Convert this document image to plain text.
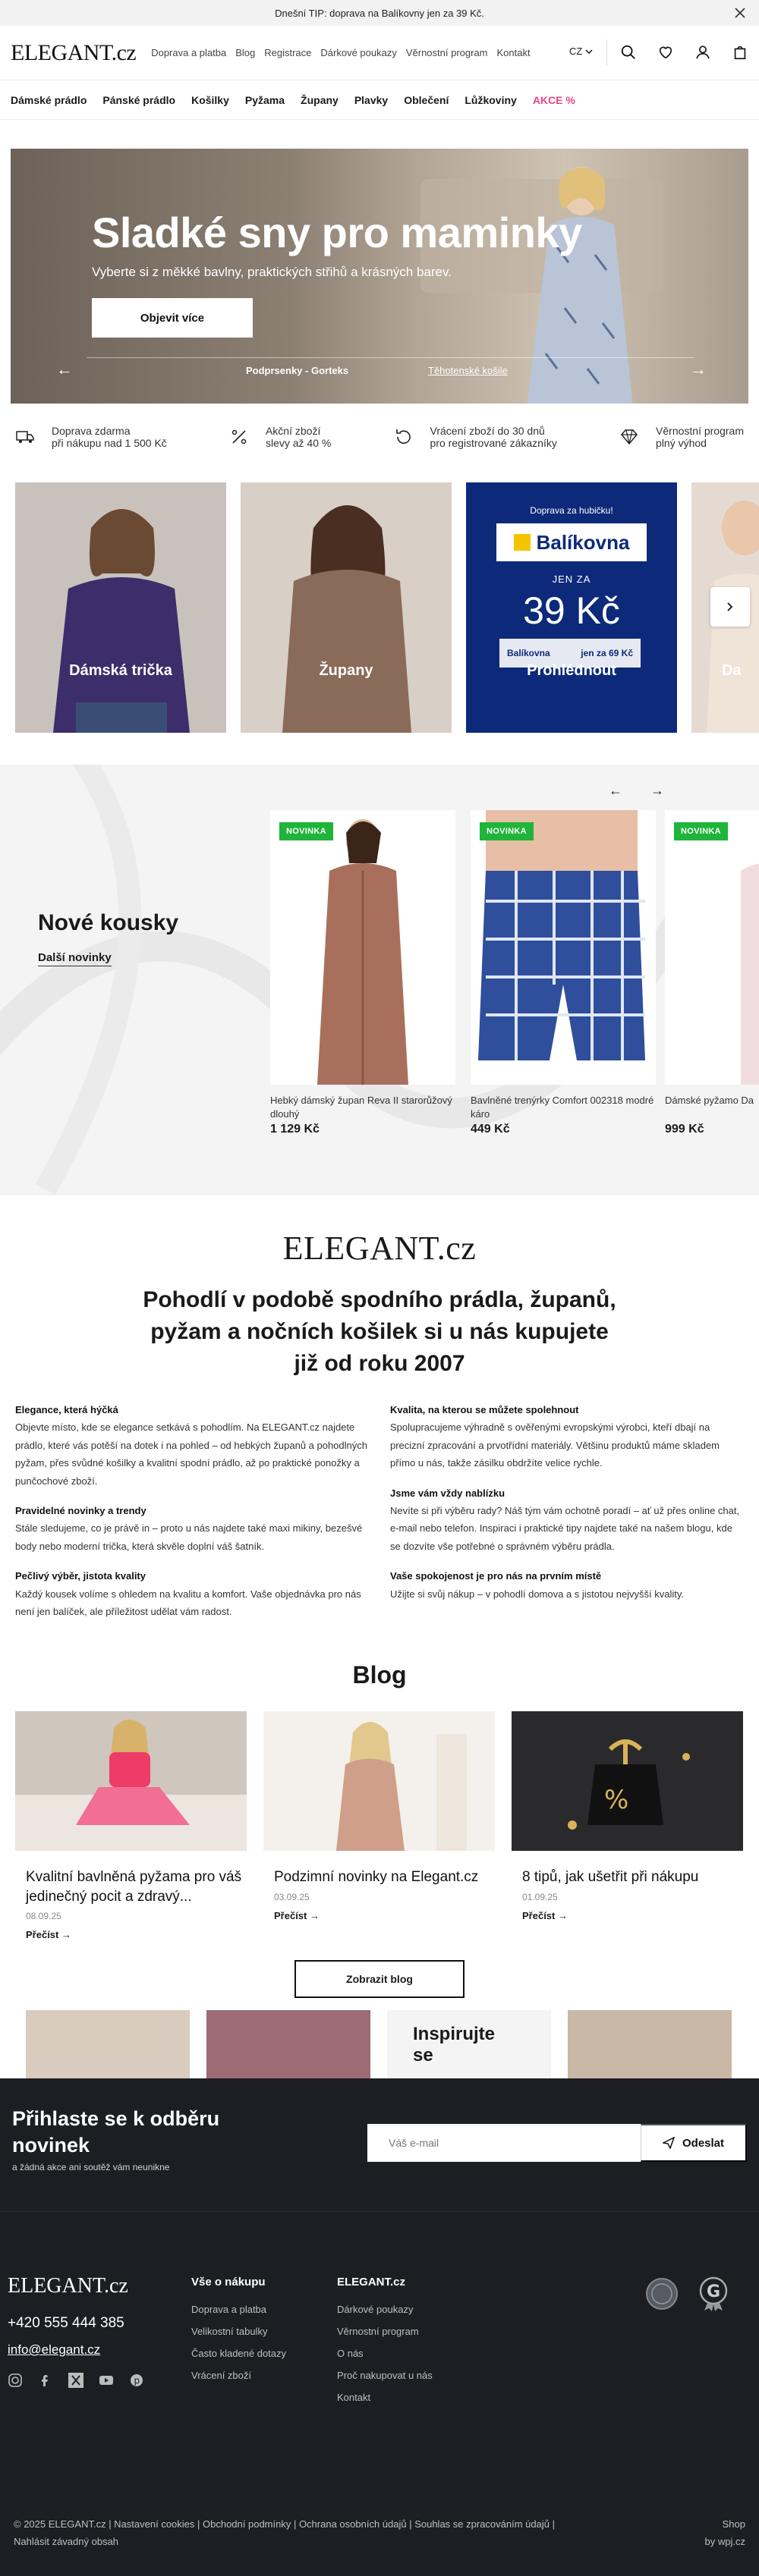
Dnešní TIP: doprava na Balíkovny jen za 39 Kč.
ELEGANT.cz Doprava a platba Blog Registrace Dárkové poukazy Věrnostní program Kontakt	CZ
Dámské prádlo Pánské prádlo Košilky Pyžama Župany Plavky Oblečení Lůžkoviny AKCE %
Sladké sny pro maminky

Vyberte si z měkké bavlny, praktických střihů a krásných barev.

Objevit více
←	Podprsenky - Gorteks	Těhotenské košile	→
Doprava zdarma
při nákupu nad 1 500 Kč
Akční zboží
slevy až 40 %
Vrácení zboží do 30 dnů
pro registrované zákazníky
Věrnostní program
plný výhod
Dámská trička	Župany
Doprava za hubičku!
Balíkovna
JEN ZA
39 Kč
Balíkovna	jen za 69 Kč
Prohlédnout	Da
Nové kousky
Další novinky
← →
NOVINKA
Hebký dámský župan Reva II starorůžový dlouhý
1 129 Kč
NOVINKA
Bavlněné trenýrky Comfort 002318 modré káro
449 Kč
NOVINKA
Dámské pyžamo Da
999 Kč
ELEGANT.cz
Pohodlí v podobě spodního prádla, županů, pyžam a nočních košilek si u nás kupujete již od roku 2007
Elegance, která hýčká

Objevte místo, kde se elegance setkává s pohodlím. Na ELEGANT.cz najdete prádlo, které vás potěší na dotek i na pohled – od hebkých županů a pohodlných pyžam, přes svůdné košilky a kvalitní spodní prádlo, až po praktické ponožky a punčochové zboží.

Pravidelné novinky a trendy

Stále sledujeme, co je právě in – proto u nás najdete také maxi mikiny, bezešvé body nebo moderní trička, která skvěle doplní váš šatník.

Pečlivý výběr, jistota kvality

Každý kousek volíme s ohledem na kvalitu a komfort. Vaše objednávka pro nás není jen balíček, ale příležitost udělat vám radost.

Kvalita, na kterou se můžete spolehnout

Spolupracujeme výhradně s ověřenými evropskými výrobci, kteří dbají na precizní zpracování a prvotřídní materiály. Většinu produktů máme skladem přímo u nás, takže zásilku obdržíte velice rychle.

Jsme vám vždy nablízku

Nevíte si při výběru rady? Náš tým vám ochotně poradí – ať už přes online chat, e-mail nebo telefon. Inspiraci i praktické tipy najdete také na našem blogu, kde se dozvíte vše potřebné o správném výběru prádla.

Vaše spokojenost je pro nás na prvním místě

Užijte si svůj nákup – v pohodlí domova a s jistotou nejvyšší kvality.

Blog
Kvalitní bavlněná pyžama pro váš jedinečný pocit a zdravý...
08.09.25
Přečíst →
Podzimní novinky na Elegant.cz
03.09.25
Přečíst →
%
8 tipů, jak ušetřit při nákupu
01.09.25
Přečíst →
Zobrazit blog
Inspirujte
se
Přihlaste se k odběru novinek
a žádná akce ani soutěž vám neunikne
Váš e-mail
Odeslat
ELEGANT.cz
+420 555 444 385
info@elegant.cz
p
Vše o nákupu
Doprava a platba
Velikostní tabulky
Často kladené dotazy
Vrácení zboží
ELEGANT.cz
Dárkové poukazy
Věrnostní program
O nás
Proč nakupovat u nás
Kontakt
G
© 2025 ELEGANT.cz | Nastavení cookies | Obchodní podmínky | Ochrana osobních údajů | Souhlas se zpracováním údajů |
Nahlásit závadný obsah
Shop
by wpj.cz
